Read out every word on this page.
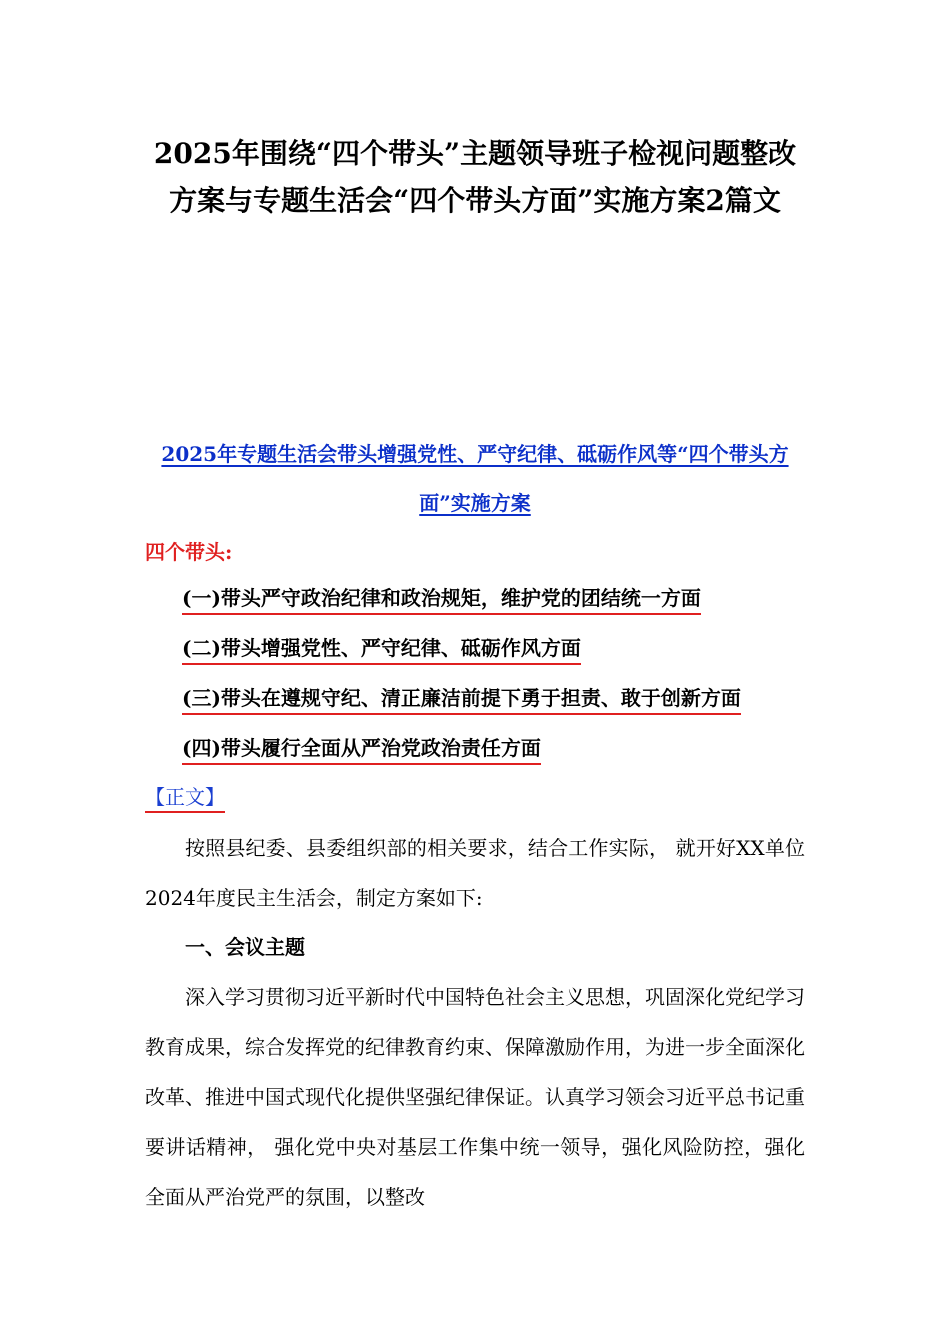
2025年围绕“四个带头”主题领导班子检视问题整改方案与专题生活会“四个带头方面”实施方案2篇文
2025年专题生活会带头增强党性、严守纪律、砥砺作风等“四个带头方面”实施方案
四个带头:
(一)带头严守政治纪律和政治规矩，维护党的团结统一方面
(二)带头增强党性、严守纪律、砥砺作风方面
(三)带头在遵规守纪、清正廉洁前提下勇于担责、敢于创新方面
(四)带头履行全面从严治党政治责任方面
【正文】

按照县纪委、县委组织部的相关要求，结合工作实际， 就开好XX单位2024年度民主生活会，制定方案如下:

一、会议主题

深入学习贯彻习近平新时代中国特色社会主义思想，巩固深化党纪学习教育成果，综合发挥党的纪律教育约束、保障激励作用，为进一步全面深化改革、推进中国式现代化提供坚强纪律保证。认真学习领会习近平总书记重要讲话精神， 强化党中央对基层工作集中统一领导，强化风险防控，强化全面从严治党严的氛围，以整改
